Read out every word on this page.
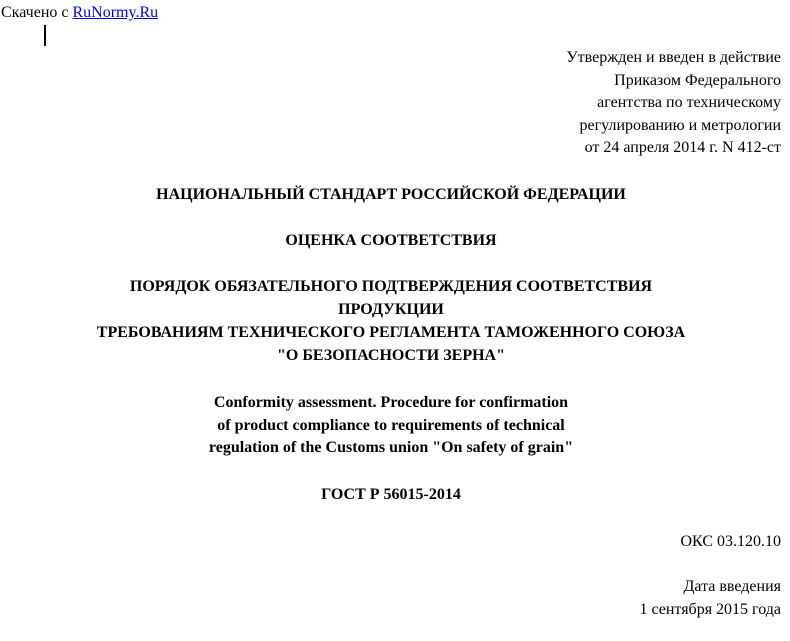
Скачено с RuNormy.Ru
Утвержден и введен в действие
Приказом Федерального
агентства по техническому
регулированию и метрологии
от 24 апреля 2014 г. N 412-ст
НАЦИОНАЛЬНЫЙ СТАНДАРТ РОССИЙСКОЙ ФЕДЕРАЦИИ
ОЦЕНКА СООТВЕТСТВИЯ
ПОРЯДОК ОБЯЗАТЕЛЬНОГО ПОДТВЕРЖДЕНИЯ СООТВЕТСТВИЯ
ПРОДУКЦИИ
ТРЕБОВАНИЯМ ТЕХНИЧЕСКОГО РЕГЛАМЕНТА ТАМОЖЕННОГО СОЮЗА
"О БЕЗОПАСНОСТИ ЗЕРНА"
Conformity assessment. Procedure for confirmation
of product compliance to requirements of technical
regulation of the Customs union "On safety of grain"
ГОСТ Р 56015-2014
ОКС 03.120.10
Дата введения
1 сентября 2015 года
